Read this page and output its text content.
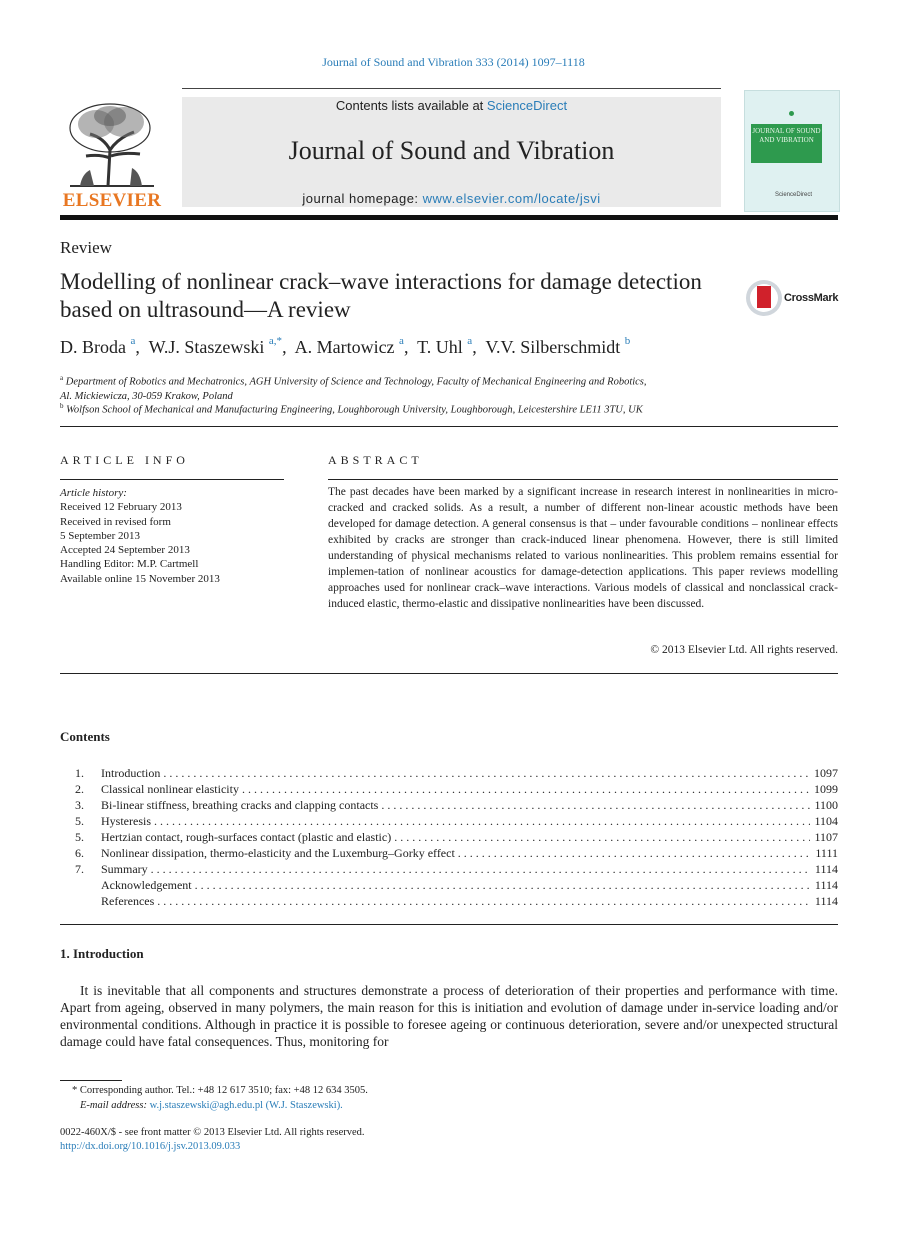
Journal of Sound and Vibration 333 (2014) 1097–1118
ELSEVIER
Contents lists available at ScienceDirect
Journal of Sound and Vibration
journal homepage: www.elsevier.com/locate/jsvi
JOURNAL OF SOUND AND VIBRATION
ScienceDirect
Review
Modelling of nonlinear crack–wave interactions for damage detection based on ultrasound—A review	CrossMark
D. Broda $^a$,  W.J. Staszewski $^{a,*}$,  A. Martowicz $^a$,  T. Uhl $^a$,  V.V. Silberschmidt $^b$
$^a$ Department of Robotics and Mechatronics, AGH University of Science and Technology, Faculty of Mechanical Engineering and Robotics,
Al. Mickiewicza, 30-059 Krakow, Poland
$^b$ Wolfson School of Mechanical and Manufacturing Engineering, Loughborough University, Loughborough, Leicestershire LE11 3TU, UK
ARTICLE INFO
Article history:
Received 12 February 2013
Received in revised form
5 September 2013
Accepted 24 September 2013
Handling Editor: M.P. Cartmell
Available online 15 November 2013
ABSTRACT
The past decades have been marked by a significant increase in research interest in nonlinearities in micro-cracked and cracked solids. As a result, a number of different non-linear acoustic methods have been developed for damage detection. A general consensus is that – under favourable conditions – nonlinear effects exhibited by cracks are stronger than crack-induced linear phenomena. However, there is still limited understanding of physical mechanisms related to various nonlinearities. This problem remains essential for implemen-tation of nonlinear acoustics for damage-detection applications. This paper reviews modelling approaches used for nonlinear crack–wave interactions. Various models of classical and nonclassical crack-induced elastic, thermo-elastic and dissipative nonlinearities have been discussed.
© 2013 Elsevier Ltd. All rights reserved.
Contents
1. Introduction . . .	1097
2. Classical nonlinear elasticity . . .	1099
3. Bi-linear stiffness, breathing cracks and clapping contacts . . .	1100
5. Hysteresis . . .	1104
5. Hertzian contact, rough-surfaces contact (plastic and elastic) . . .	1107
6. Nonlinear dissipation, thermo-elasticity and the Luxemburg–Gorky effect . . .	1111
7. Summary . . .	1114
Acknowledgement . . .	1114
References . . .	1114
1. Introduction
It is inevitable that all components and structures demonstrate a process of deterioration of their properties and performance with time. Apart from ageing, observed in many polymers, the main reason for this is initiation and evolution of damage under in-service loading and/or environmental conditions. Although in practice it is possible to foresee ageing or continuous deterioration, severe and/or unexpected structural damage could have fatal consequences. Thus, monitoring for
* Corresponding author. Tel.: +48 12 617 3510; fax: +48 12 634 3505.
E-mail address: w.j.staszewski@agh.edu.pl (W.J. Staszewski).
0022-460X/$ - see front matter © 2013 Elsevier Ltd. All rights reserved.
http://dx.doi.org/10.1016/j.jsv.2013.09.033
